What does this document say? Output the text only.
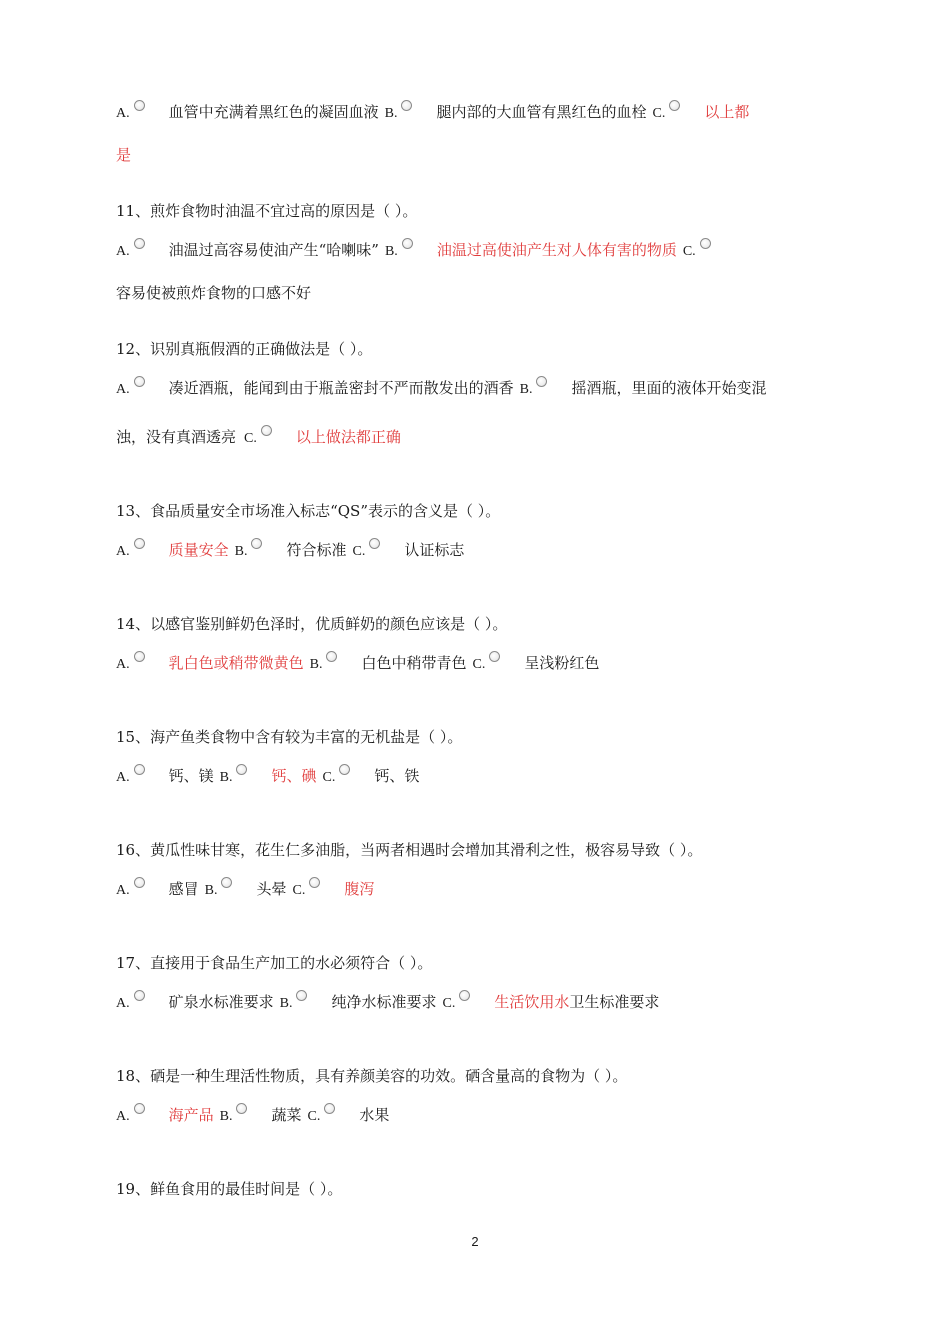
A.	血管中充满着黑红色的凝固血液 B.	腿内部的大血管有黑红色的血栓 C.	以上都
是
11、煎炸食物时油温不宜过高的原因是（ ）。
A.	油温过高容易使油产生“哈喇味” B.	油温过高使油产生对人体有害的物质 C.
容易使被煎炸食物的口感不好
12、识别真瓶假酒的正确做法是（ ）。
A.	凑近酒瓶，能闻到由于瓶盖密封不严而散发出的酒香 B.	摇酒瓶，里面的液体开始变混
浊，没有真酒透亮 C.	以上做法都正确
13、食品质量安全市场准入标志“QS”表示的含义是（ ）。
A.	质量安全 B.	符合标准 C.	认证标志
14、以感官鉴别鲜奶色泽时，优质鲜奶的颜色应该是（ ）。
A.	乳白色或稍带微黄色 B.	白色中稍带青色 C.	呈浅粉红色
15、海产鱼类食物中含有较为丰富的无机盐是（ ）。
A.	钙、镁 B.	钙、碘 C.	钙、铁
16、黄瓜性味甘寒，花生仁多油脂，当两者相遇时会增加其滑利之性，极容易导致（ ）。
A.	感冒 B.	头晕 C.	腹泻
17、直接用于食品生产加工的水必须符合（ ）。
A.	矿泉水标准要求 B.	纯净水标准要求 C.	生活饮用水卫生标准要求
18、硒是一种生理活性物质，具有养颜美容的功效。硒含量高的食物为（ ）。
A.	海产品 B.	蔬菜 C.	水果
19、鲜鱼食用的最佳时间是（ ）。
2
